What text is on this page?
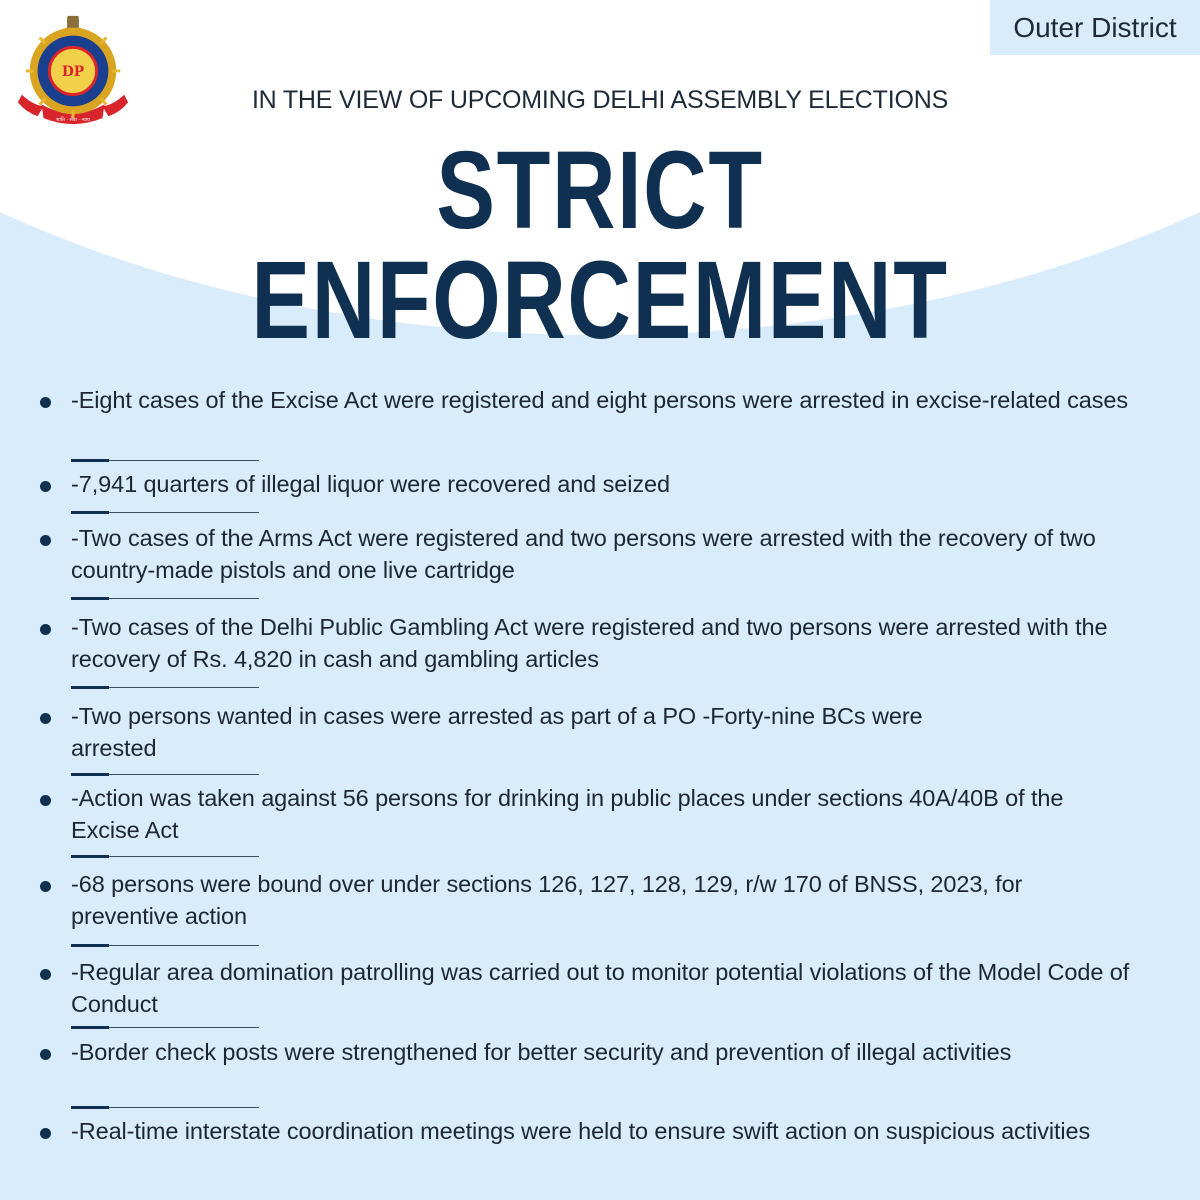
Outer District
DP
शांति · सेवा · न्याय
IN THE VIEW OF UPCOMING DELHI ASSEMBLY ELECTIONS
STRICT ENFORCEMENT
-Eight cases of the Excise Act were registered and eight persons were arrested in excise-related cases
-7,941 quarters of illegal liquor were recovered and seized
-Two cases of the Arms Act were registered and two persons were arrested with the recovery of two country-made pistols and one live cartridge
-Two cases of the Delhi Public Gambling Act were registered and two persons were arrested with the recovery of Rs. 4,820 in cash and gambling articles
-Two persons wanted in cases were arrested as part of a PO -Forty-nine BCs were arrested
-Action was taken against 56 persons for drinking in public places under sections 40A/40B of the Excise Act
-68 persons were bound over under sections 126, 127, 128, 129, r/w 170 of BNSS, 2023, for preventive action
-Regular area domination patrolling was carried out to monitor potential violations of the Model Code of Conduct
-Border check posts were strengthened for better security and prevention of illegal activities
-Real-time interstate coordination meetings were held to ensure swift action on suspicious activities
